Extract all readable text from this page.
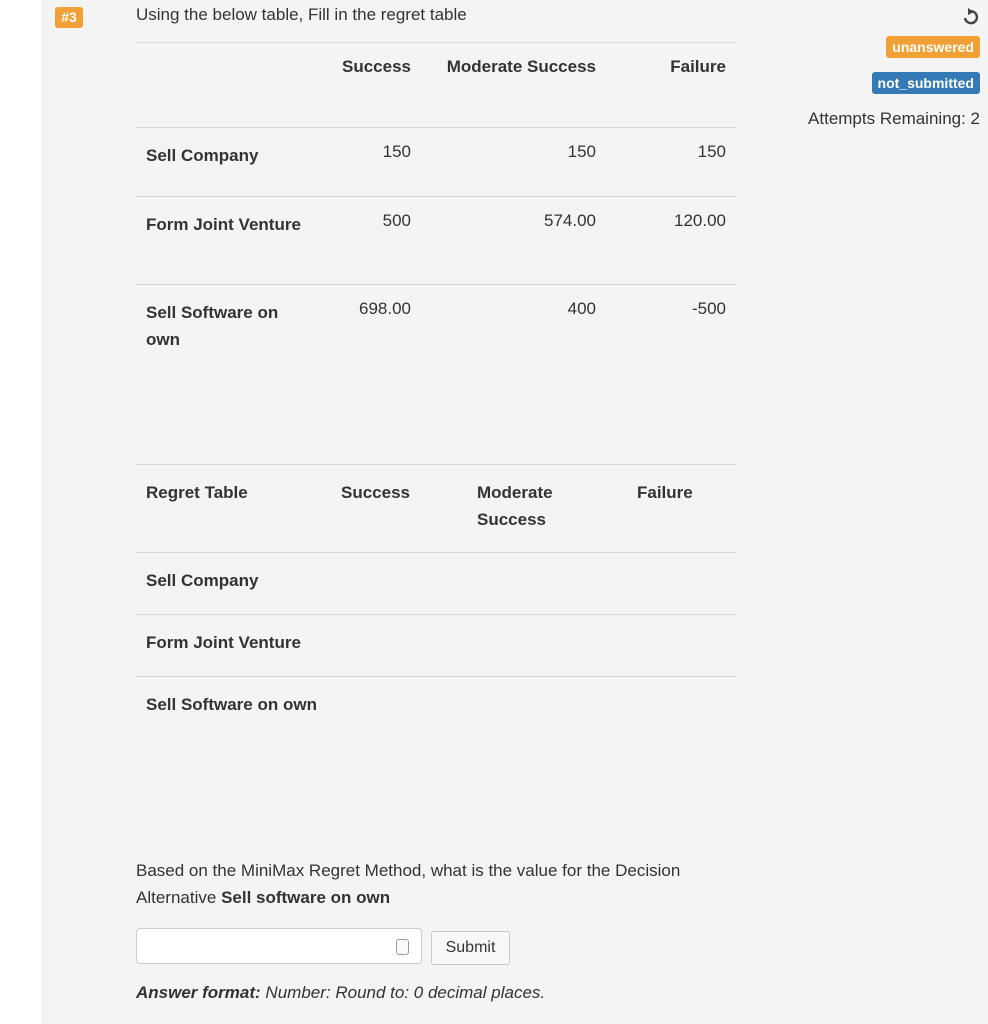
#3	Using the below table, Fill in the regret table
	Success	Moderate Success	Failure
Sell Company	150	150	150
Form Joint Venture	500	574.00	120.00
Sell Software on own	698.00	400	-500
Regret Table	Success	Moderate Success	Failure
Sell Company			
Form Joint Venture			
Sell Software on own			
unanswered
not_submitted
Attempts Remaining: 2
Based on the MiniMax Regret Method, what is the value for the Decision Alternative Sell software on own
Submit
Answer format: Number: Round to: 0 decimal places.
